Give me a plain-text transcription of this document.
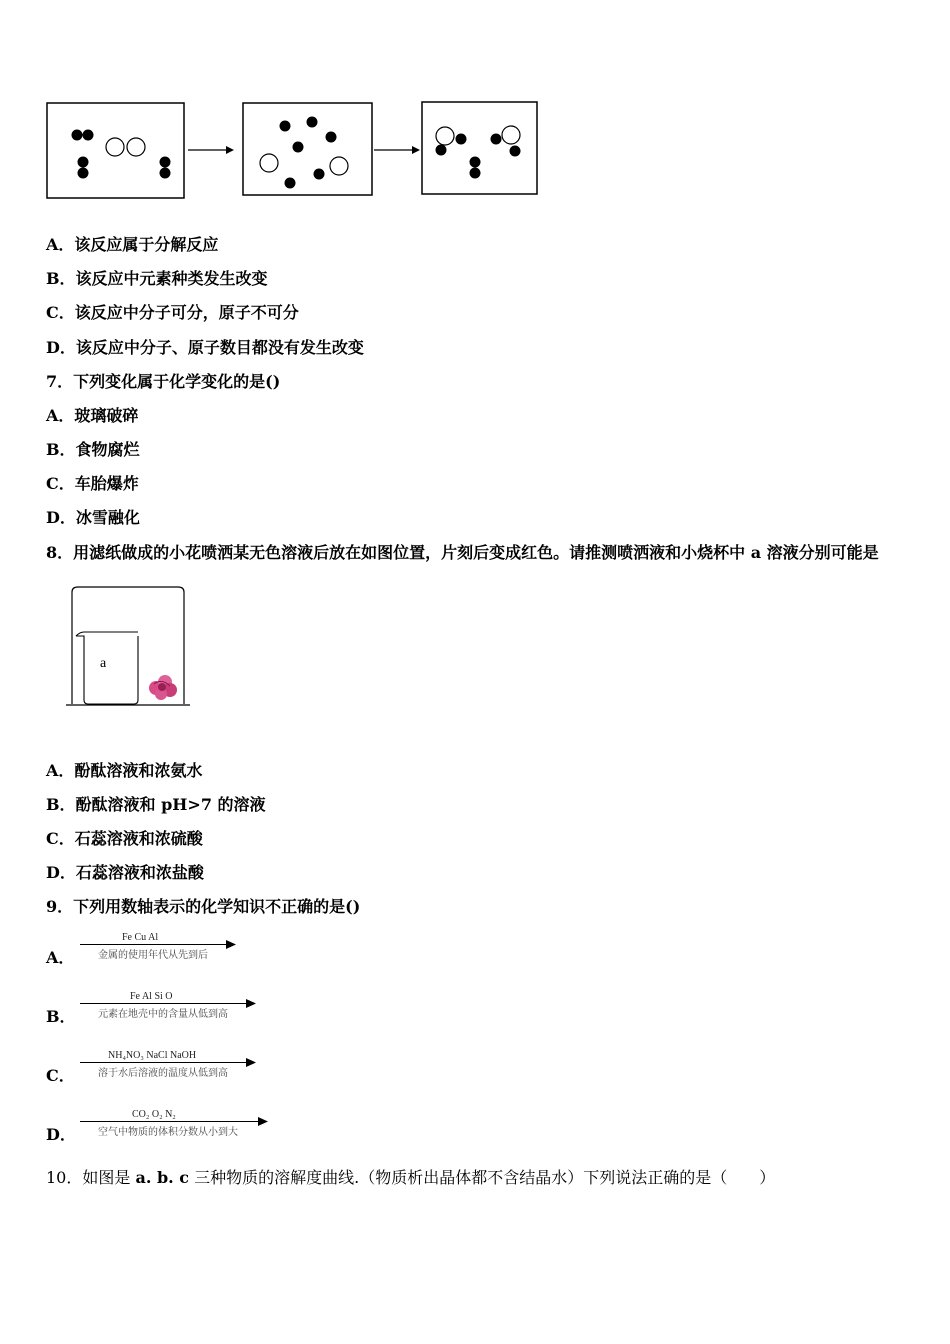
A．该反应属于分解反应
B．该反应中元素种类发生改变
C．该反应中分子可分，原子不可分
D．该反应中分子、原子数目都没有发生改变
7．下列变化属于化学变化的是()
A．玻璃破碎
B．食物腐烂
C．车胎爆炸
D．冰雪融化
8．用滤纸做成的小花喷洒某无色溶液后放在如图位置，片刻后变成红色。请推测喷洒液和小烧杯中 a 溶液分别可能是
a
A．酚酞溶液和浓氨水
B．酚酞溶液和 pH>7 的溶液
C．石蕊溶液和浓硫酸
D．石蕊溶液和浓盐酸
9．下列用数轴表示的化学知识不正确的是()
A．
Fe Cu Al
金属的使用年代从先到后
B．
Fe Al Si O
元素在地壳中的含量从低到高
C．
NH₄NO₃ NaCl NaOH
溶于水后溶液的温度从低到高
D．
CO₂ O₂ N₂
空气中物质的体积分数从小到大
10．如图是 a. b. c 三种物质的溶解度曲线.（物质析出晶体都不含结晶水）下列说法正确的是（　　）
